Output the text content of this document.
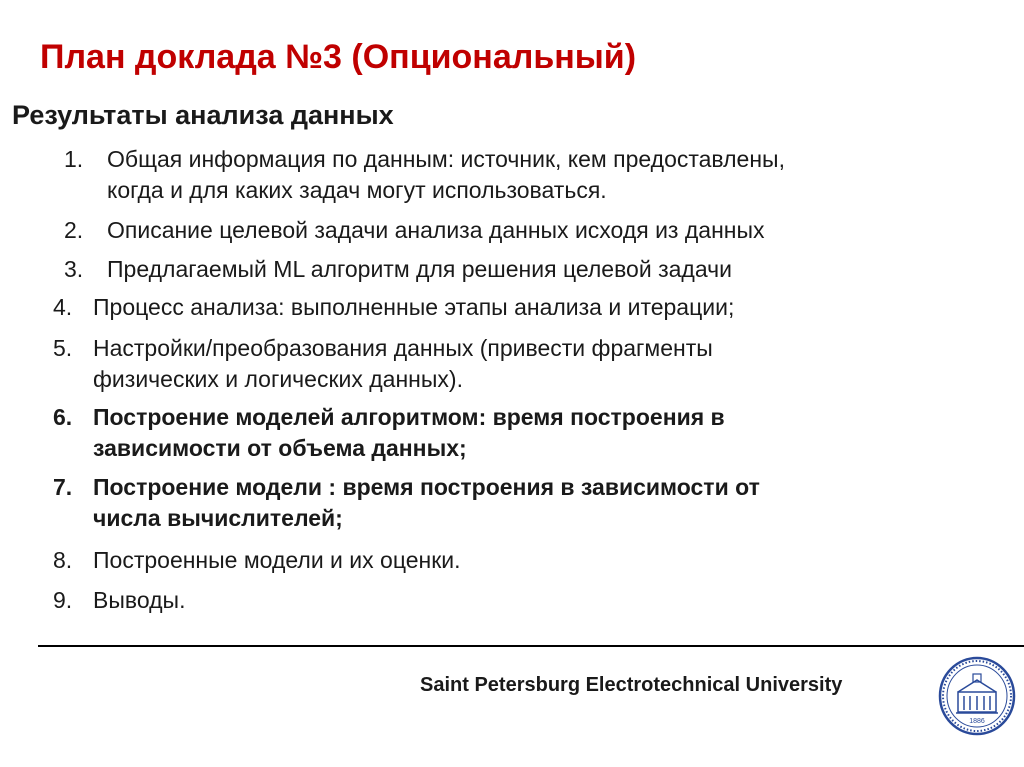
План доклада №3 (Опциональный)
Результаты анализа данных
1. Общая информация по данным: источник, кем предоставлены,
когда и для каких задач могут использоваться.
2. Описание целевой задачи анализа данных исходя из данных
3. Предлагаемый ML алгоритм для решения целевой задачи
4. Процесс анализа: выполненные этапы анализа и итерации;
5. Настройки/преобразования данных (привести фрагменты
физических и логических данных).
6. Построение моделей алгоритмом: время построения в
зависимости от объема данных;
7. Построение модели : время построения в зависимости от
числа вычислителей;
8. Построенные модели и их оценки.
9. Выводы.
Saint Petersburg Electrotechnical University
1886
